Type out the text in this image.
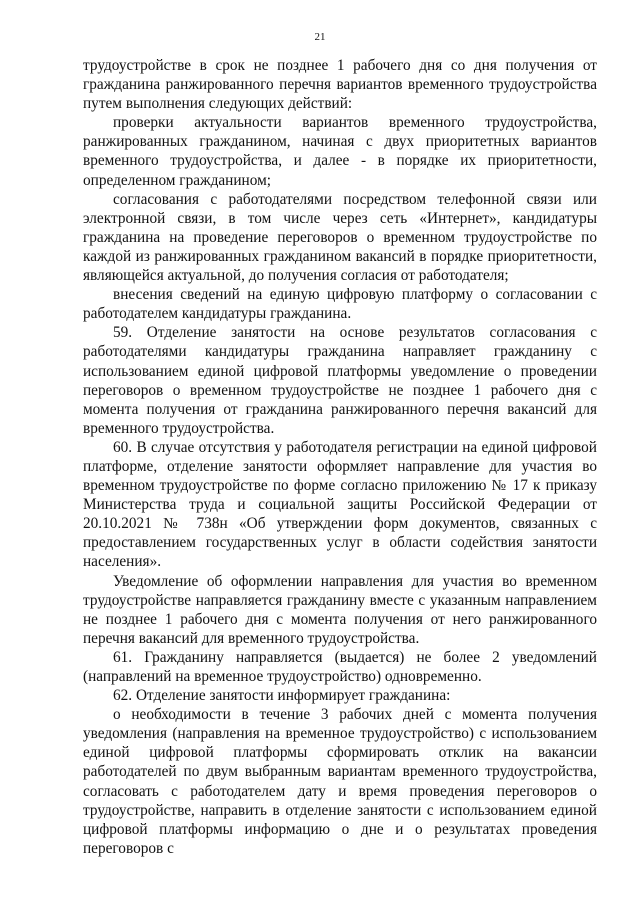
21

трудоустройстве в срок не позднее 1 рабочего дня со дня получения от гражданина ранжированного перечня вариантов временного трудоустройства путем выполнения следующих действий:

проверки актуальности вариантов временного трудоустройства, ранжированных гражданином, начиная с двух приоритетных вариантов временного трудоустройства, и далее - в порядке их приоритетности, определенном гражданином;

согласования с работодателями посредством телефонной связи или электронной связи, в том числе через сеть «Интернет», кандидатуры гражданина на проведение переговоров о временном трудоустройстве по каждой из ранжированных гражданином вакансий в порядке приоритетности, являющейся актуальной, до получения согласия от работодателя;

внесения сведений на единую цифровую платформу о согласовании с работодателем кандидатуры гражданина.

59. Отделение занятости на основе результатов согласования с работодателями кандидатуры гражданина направляет гражданину с использованием единой цифровой платформы уведомление о проведении переговоров о временном трудоустройстве не позднее 1 рабочего дня с момента получения от гражданина ранжированного перечня вакансий для временного трудоустройства.

60. В случае отсутствия у работодателя регистрации на единой цифровой платформе, отделение занятости оформляет направление для участия во временном трудоустройстве по форме согласно приложению № 17 к приказу Министерства труда и социальной защиты Российской Федерации от 20.10.2021 № 738н «Об утверждении форм документов, связанных с предоставлением государственных услуг в области содействия занятости населения».

Уведомление об оформлении направления для участия во временном трудоустройстве направляется гражданину вместе с указанным направлением не позднее 1 рабочего дня с момента получения от него ранжированного перечня вакансий для временного трудоустройства.

61. Гражданину направляется (выдается) не более 2 уведомлений (направлений на временное трудоустройство) одновременно.

62. Отделение занятости информирует гражданина:

о необходимости в течение 3 рабочих дней с момента получения уведомления (направления на временное трудоустройство) с использованием единой цифровой платформы сформировать отклик на вакансии работодателей по двум выбранным вариантам временного трудоустройства, согласовать с работодателем дату и время проведения переговоров о трудоустройстве, направить в отделение занятости с использованием единой цифровой платформы информацию о дне и о результатах проведения переговоров с
